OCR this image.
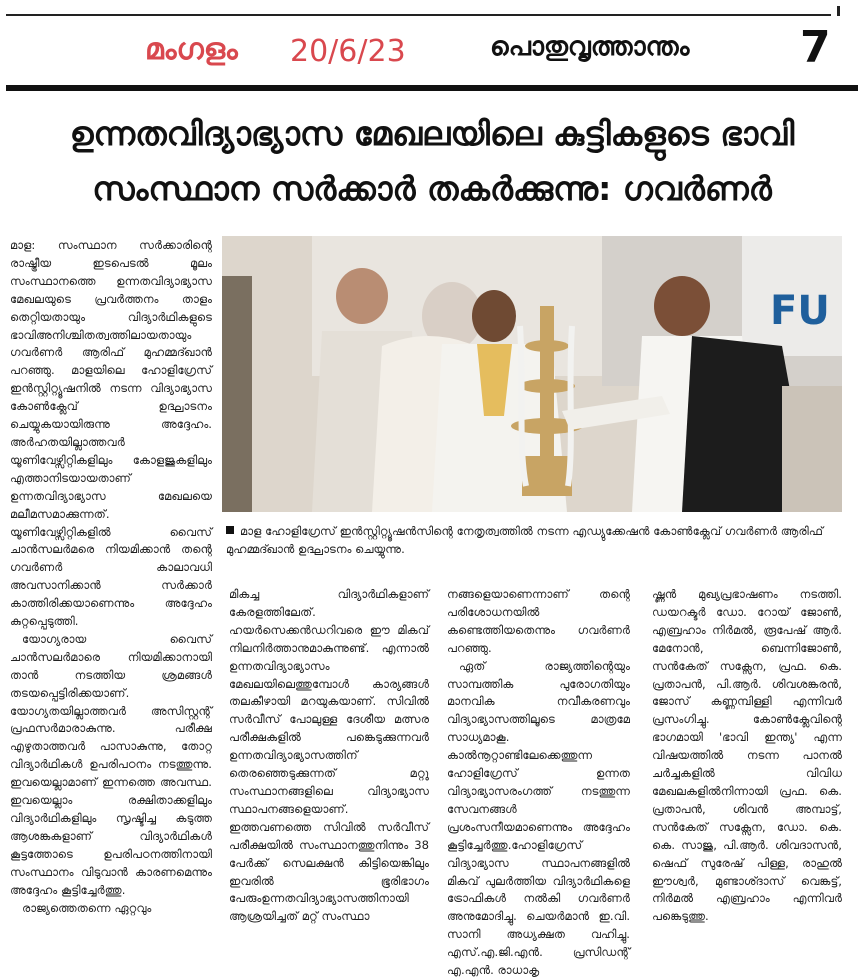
മംഗളം 20/6/23	പൊതുവൃത്താന്തം	7
ഉന്നതവിദ്യാഭ്യാസ മേഖലയിലെ കുട്ടികളുടെ ഭാവി
സംസ്ഥാന സർക്കാർ തകർക്കുന്നു: ഗവർണർ

മാള: സംസ്ഥാന സർക്കാരിന്റെ രാഷ്ട്രീയ ഇടപെടൽ മൂലം സംസ്ഥാനത്തെ ഉന്നതവിദ്യാഭ്യാസ മേഖലയുടെ പ്രവർത്തനം താളം തെറ്റിയതായും വിദ്യാർഥികളുടെ ഭാവിഅനിശ്ചിതത്വത്തിലായതായും ഗവർണർ ആരിഫ് മുഹമ്മദ്ഖാൻ പറഞ്ഞു. മാളയിലെ ഹോളിഗ്രേസ് ഇൻസ്റ്റിറ്റ്യൂഷനിൽ നടന്ന വിദ്യാഭ്യാസ കോൺക്ലേവ് ഉദ്ഘാടനം ചെയ്യുകയായിരുന്നു അദ്ദേഹം. അർഹതയില്ലാത്തവർ യൂണിവേഴ്സിറ്റികളിലും കോളജുകളിലും എത്താനിടയായതാണ് ഉന്നതവിദ്യാഭ്യാസ മേഖലയെ മലീമസമാക്കുന്നത്. യൂണിവേഴ്സിറ്റികളിൽ വൈസ് ചാൻസലർമരെ നിയമിക്കാൻ തന്റെ ഗവർണർ കാലാവധി അവസാനിക്കാൻ സർക്കാർ കാത്തിരിക്കയാണെന്നും അദ്ദേഹം കുറ്റപ്പെടുത്തി.

യോഗ്യരായ വൈസ് ചാൻസലർമാരെ നിയമിക്കാനായി താൻ നടത്തിയ ശ്രമങ്ങൾ തടയപ്പെട്ടിരിക്കയാണ്. യോഗ്യതയില്ലാത്തവർ അസിസ്റ്റന്റ് പ്രഫസർമാരാകുന്നു. പരീക്ഷ എഴുതാത്തവർ പാസാകുന്നു, തോറ്റ വിദ്യാർഥികൾ ഉപരിപഠനം നടത്തുന്നു. ഇവയെല്ലാമാണ് ഇന്നത്തെ അവസ്ഥ. ഇവയെല്ലാം രക്ഷിതാക്കളിലും വിദ്യാർഥികളിലും സൃഷ്ടിച്ച കടുത്ത ആശങ്കകളാണ് വിദ്യാർഥികൾ കൂട്ടത്തോടെ ഉപരിപഠനത്തിനായി സംസ്ഥാനം വിടുവാൻ കാരണമെന്നും അദ്ദേഹം കൂട്ടിച്ചേർത്തു.

രാജ്യത്തെതന്നെ ഏറ്റവും

FU

മാള ഹോളിഗ്രേസ് ഇൻസ്റ്റിറ്റ്യൂഷൻസിന്റെ നേതൃത്വത്തിൽ നടന്ന എഡ്യുക്കേഷൻ കോൺക്ലേവ് ഗവർണർ ആരിഫ് മുഹമ്മദ്ഖാൻ ഉദ്ഘാടനം ചെയ്യുന്നു.

മികച്ച വിദ്യാർഥികളാണ് കേരളത്തിലേത്. ഹയർസെക്കൻഡറിവരെ ഈ മികവ് നിലനിർത്താനുമാകുന്നുണ്ട്. എന്നാൽ ഉന്നതവിദ്യാഭ്യാസം മേഖലയിലെത്തുമ്പോൾ കാര്യങ്ങൾ തലകീഴായി മറയുകയാണ്. സിവിൽ സർവീസ് പോലുള്ള ദേശീയ മത്സര പരീക്ഷകളിൽ പങ്കെടുക്കുന്നവർ ഉന്നതവിദ്യാഭ്യാസത്തിന് തെരഞ്ഞെടുക്കുന്നത് മറ്റു സംസ്ഥാനങ്ങളിലെ വിദ്യാഭ്യാസ സ്ഥാപനങ്ങളെയാണ്. ഇത്തവണത്തെ സിവിൽ സർവീസ് പരീക്ഷയിൽ സംസ്ഥാനത്തുനിന്നും 38 പേർക്ക് സെലക്ഷൻ കിട്ടിയെങ്കിലും ഇവരിൽ ഭൂരിഭാഗം പേരുംഉന്നതവിദ്യാഭ്യാസത്തിനായി ആശ്രയിച്ചത് മറ്റ് സംസ്ഥാ

നങ്ങളെയാണെന്നാണ് തന്റെ പരിശോധനയിൽ കണ്ടെത്തിയതെന്നും ഗവർണർ പറഞ്ഞു.

ഏത് രാജ്യത്തിന്റെയും സാമ്പത്തിക പുരോഗതിയും മാനവിക നവീകരണവും വിദ്യാഭ്യാസത്തിലൂടെ മാത്രമേ സാധ്യമാകൂ. കാൽനൂറ്റാണ്ടിലേക്കെത്തുന്ന ഹോളിഗ്രേസ് ഉന്നത വിദ്യാഭ്യാസരംഗത്ത് നടത്തുന്ന സേവനങ്ങൾ പ്രശംസനീയമാണെന്നും അദ്ദേഹം കൂട്ടിച്ചേർത്തു.ഹോളിഗ്രേസ് വിദ്യാഭ്യാസ സ്ഥാപനങ്ങളിൽ മികവ് പുലർത്തിയ വിദ്യാർഥികളെ ട്രോഫികൾ നൽകി ഗവർണർ അനുമോദിച്ചു. ചെയർമാൻ ഇ.വി. സാനി അധ്യക്ഷത വഹിച്ചു. എസ്.എ.ജി.എൻ. പ്രസിഡന്റ് എ.എൻ. രാധാകൃ

ഷ്ണൻ മുഖ്യപ്രഭാഷണം നടത്തി. ഡയറക്ടർ ഡോ. റോയ് ജോൺ, എബ്രഹാം നിർമൽ, രൂപേഷ് ആർ. മേനോൻ, ബെന്നിജോൺ, സൻകേത് സക്സേന, പ്രഫ. കെ. പ്രതാപൻ, പി.ആർ. ശിവശങ്കരൻ, ജോസ് കണ്ണമ്പിള്ളി എന്നിവർ പ്രസംഗിച്ചു. കോൺക്ലേവിന്റെ ഭാഗമായി 'ഭാവി ഇന്ത്യ' എന്ന വിഷയത്തിൽ നടന്ന പാനൽ ചർച്ചകളിൽ വിവിധ മേഖലകളിൽനിന്നായി പ്രഫ. കെ. പ്രതാപൻ, ശിവൻ അമ്പാട്ട്, സൻകേത് സക്സേന, ഡോ. കെ. കെ. സാജു, പി.ആർ. ശിവദാസൻ, ഷെഫ് സുരേഷ് പിള്ള, രാഹുൽ ഈശ്വർ, മുണ്ടാശ്ദാസ് വെങ്കട്ട്, നിർമൽ എബ്രഹാം എന്നിവർ പങ്കെടുത്തു.
